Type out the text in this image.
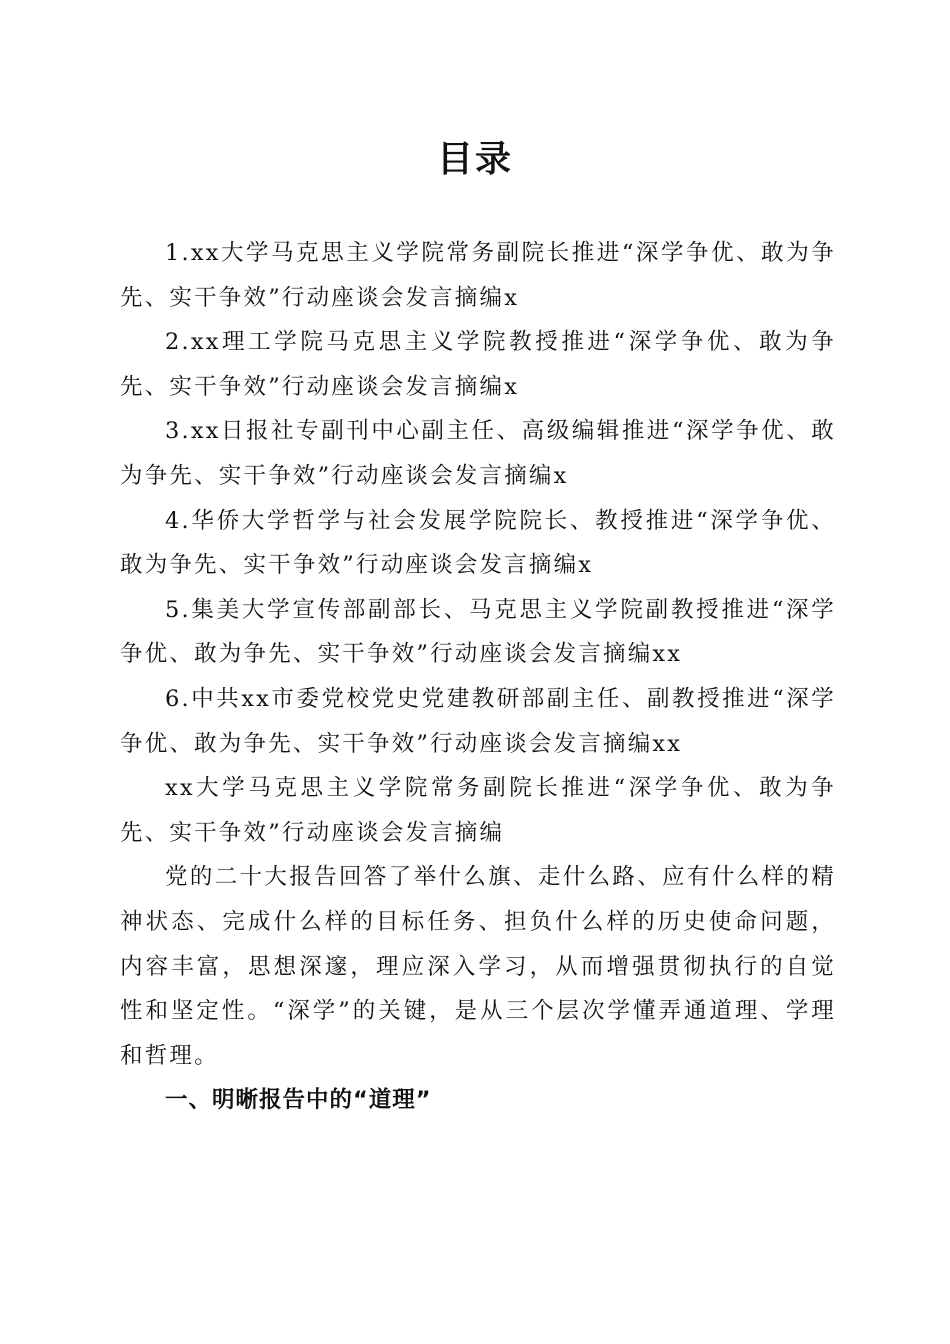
目录

1.xx大学马克思主义学院常务副院长推进“深学争优、敢为争先、实干争效”行动座谈会发言摘编x

2.xx理工学院马克思主义学院教授推进“深学争优、敢为争先、实干争效”行动座谈会发言摘编x

3.xx日报社专副刊中心副主任、高级编辑推进“深学争优、敢为争先、实干争效”行动座谈会发言摘编x

4.华侨大学哲学与社会发展学院院长、教授推进“深学争优、敢为争先、实干争效”行动座谈会发言摘编x

5.集美大学宣传部副部长、马克思主义学院副教授推进“深学争优、敢为争先、实干争效”行动座谈会发言摘编xx

6.中共xx市委党校党史党建教研部副主任、副教授推进“深学争优、敢为争先、实干争效”行动座谈会发言摘编xx

xx大学马克思主义学院常务副院长推进“深学争优、敢为争先、实干争效”行动座谈会发言摘编

党的二十大报告回答了举什么旗、走什么路、应有什么样的精神状态、完成什么样的目标任务、担负什么样的历史使命问题，内容丰富，思想深邃，理应深入学习，从而增强贯彻执行的自觉性和坚定性。“深学”的关键，是从三个层次学懂弄通道理、学理和哲理。

一、明晰报告中的“道理”
